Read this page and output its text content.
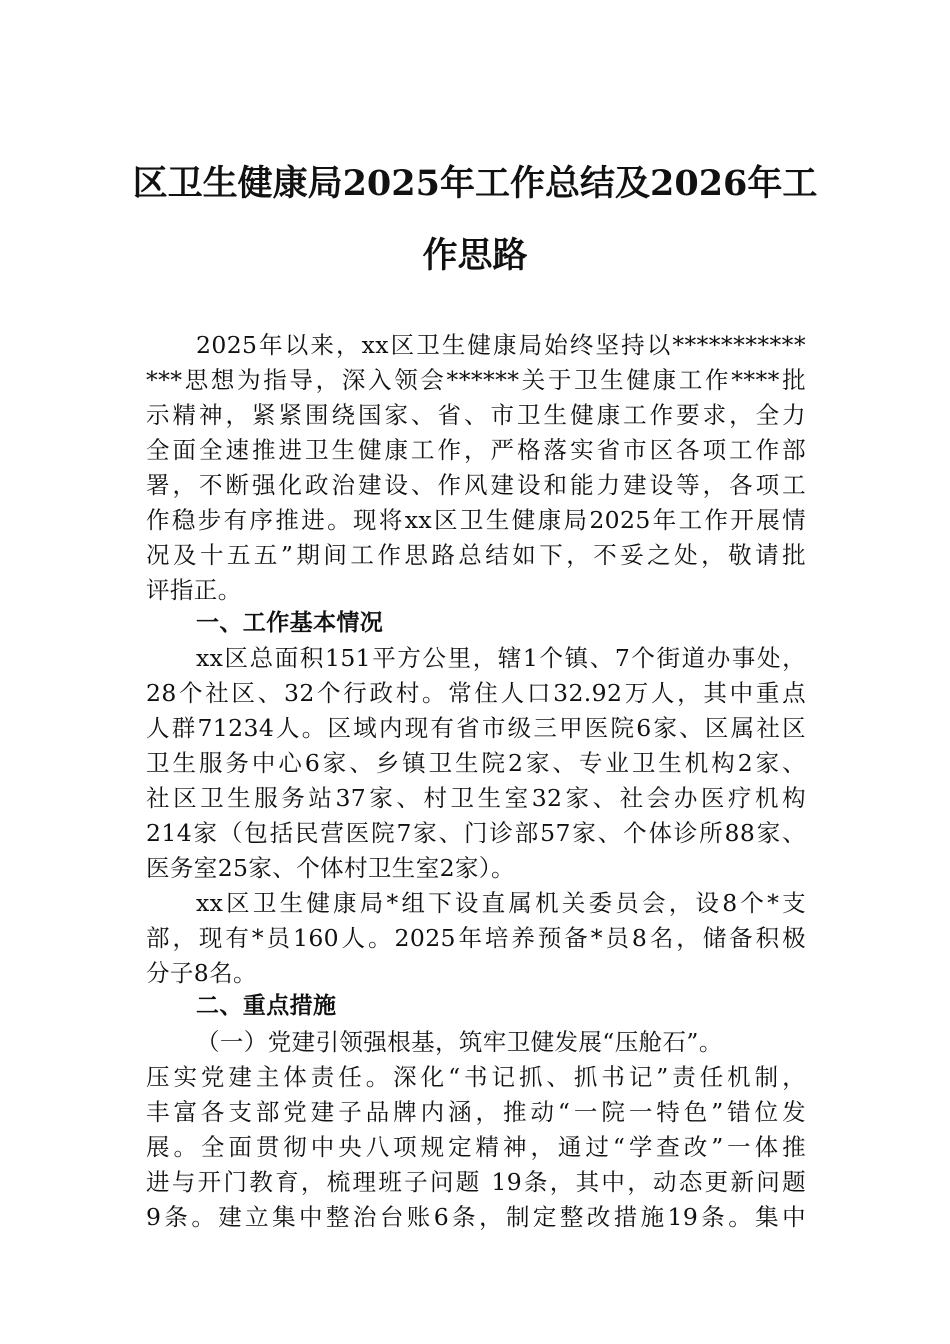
区卫生健康局2025年工作总结及2026年工
作思路
2025年以来，xx区卫生健康局始终坚持以***********
***思想为指导，深入领会******关于卫生健康工作****批
示精神，紧紧围绕国家、省、市卫生健康工作要求，全力
全面全速推进卫生健康工作，严格落实省市区各项工作部
署，不断强化政治建设、作风建设和能力建设等，各项工
作稳步有序推进。现将xx区卫生健康局2025年工作开展情
况及十五五”期间工作思路总结如下，不妥之处，敬请批
评指正。
一、工作基本情况
xx区总面积151平方公里，辖1个镇、7个街道办事处，
28个社区、32个行政村。常住人口32.92万人，其中重点
人群71234人。区域内现有省市级三甲医院6家、区属社区
卫生服务中心6家、乡镇卫生院2家、专业卫生机构2家、
社区卫生服务站37家、村卫生室32家、社会办医疗机构
214家（包括民营医院7家、门诊部57家、个体诊所88家、
医务室25家、个体村卫生室2家）。
xx区卫生健康局*组下设直属机关委员会，设8个*支
部，现有*员160人。2025年培养预备*员8名，储备积极
分子8名。
二、重点措施
（一）党建引领强根基，筑牢卫健发展“压舱石”。
压实党建主体责任。深化“书记抓、抓书记”责任机制，
丰富各支部党建子品牌内涵，推动“一院一特色”错位发
展。全面贯彻中央八项规定精神，通过“学查改”一体推
进与开门教育，梳理班子问题 19条，其中，动态更新问题
9条。建立集中整治台账6条，制定整改措施19条。集中
